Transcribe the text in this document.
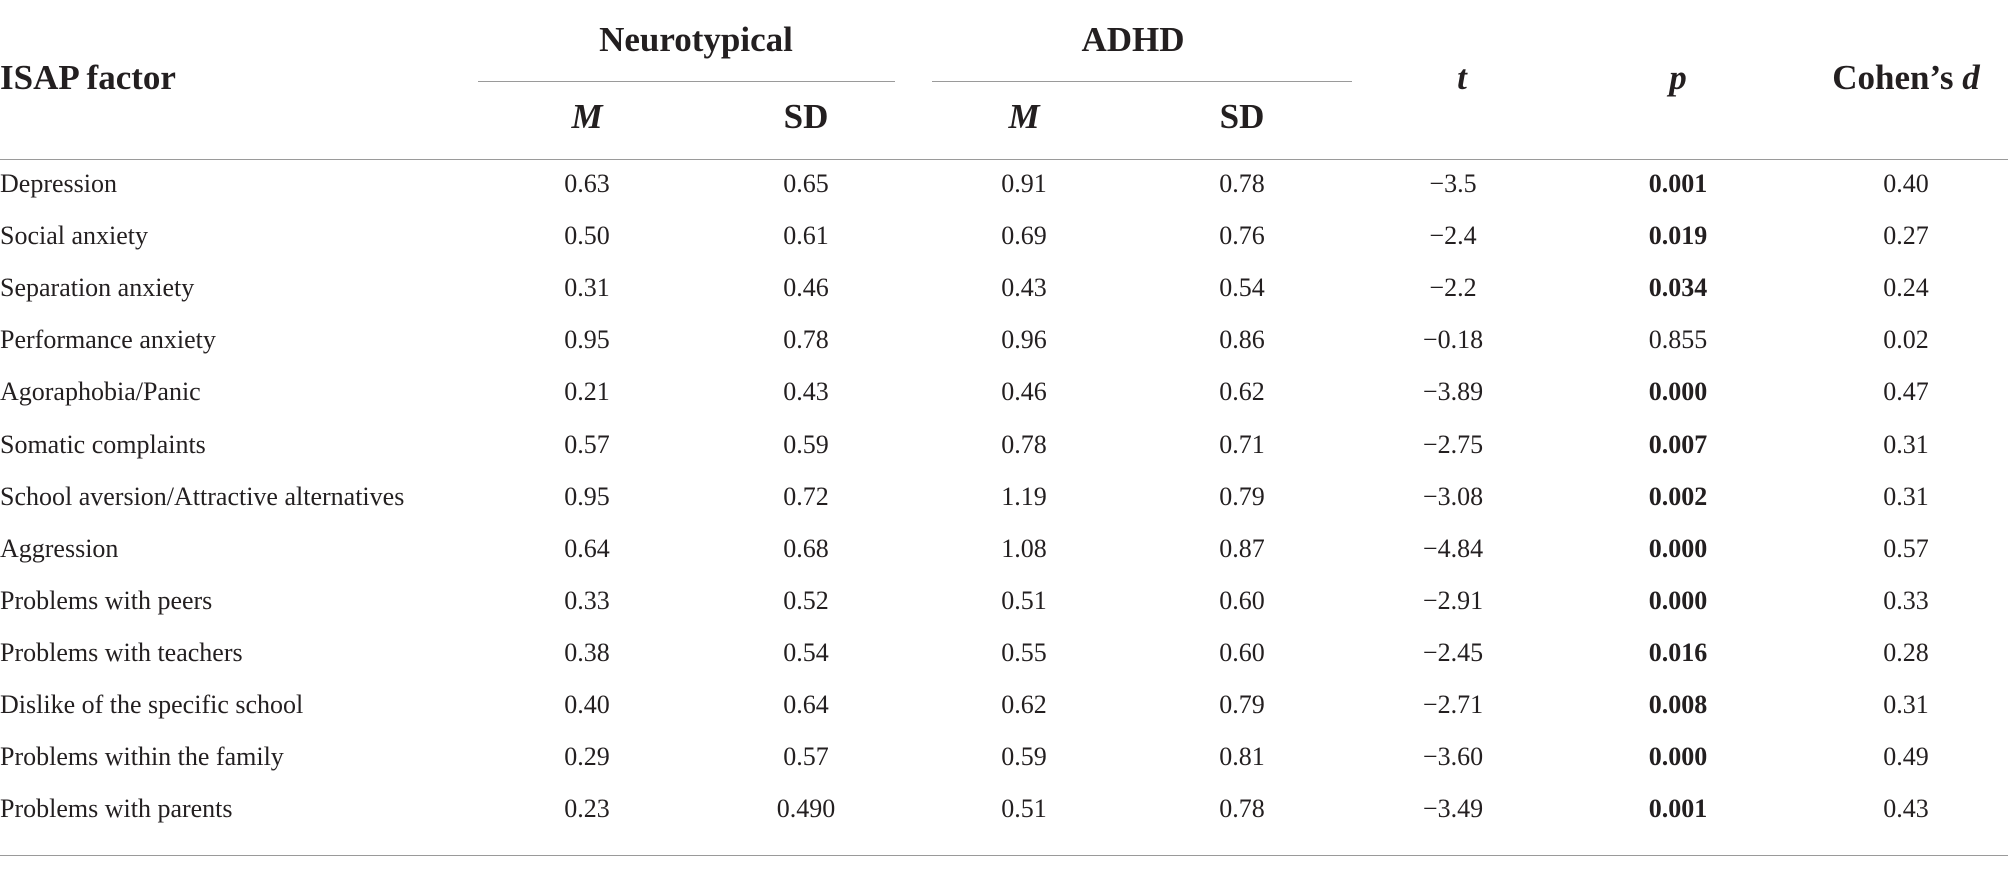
ISAP factor
Neurotypical
M	SD
ADHD
M	SD
t	p	Cohen’s d
Depression	0.63	0.65	0.91	0.78	−3.5	0.001	0.40
Social anxiety	0.50	0.61	0.69	0.76	−2.4	0.019	0.27
Separation anxiety	0.31	0.46	0.43	0.54	−2.2	0.034	0.24
Performance anxiety	0.95	0.78	0.96	0.86	−0.18	0.855	0.02
Agoraphobia/Panic	0.21	0.43	0.46	0.62	−3.89	0.000	0.47
Somatic complaints	0.57	0.59	0.78	0.71	−2.75	0.007	0.31
School aversion/Attractive alternatives	0.95	0.72	1.19	0.79	−3.08	0.002	0.31
Aggression	0.64	0.68	1.08	0.87	−4.84	0.000	0.57
Problems with peers	0.33	0.52	0.51	0.60	−2.91	0.000	0.33
Problems with teachers	0.38	0.54	0.55	0.60	−2.45	0.016	0.28
Dislike of the specific school	0.40	0.64	0.62	0.79	−2.71	0.008	0.31
Problems within the family	0.29	0.57	0.59	0.81	−3.60	0.000	0.49
Problems with parents	0.23	0.490	0.51	0.78	−3.49	0.001	0.43
